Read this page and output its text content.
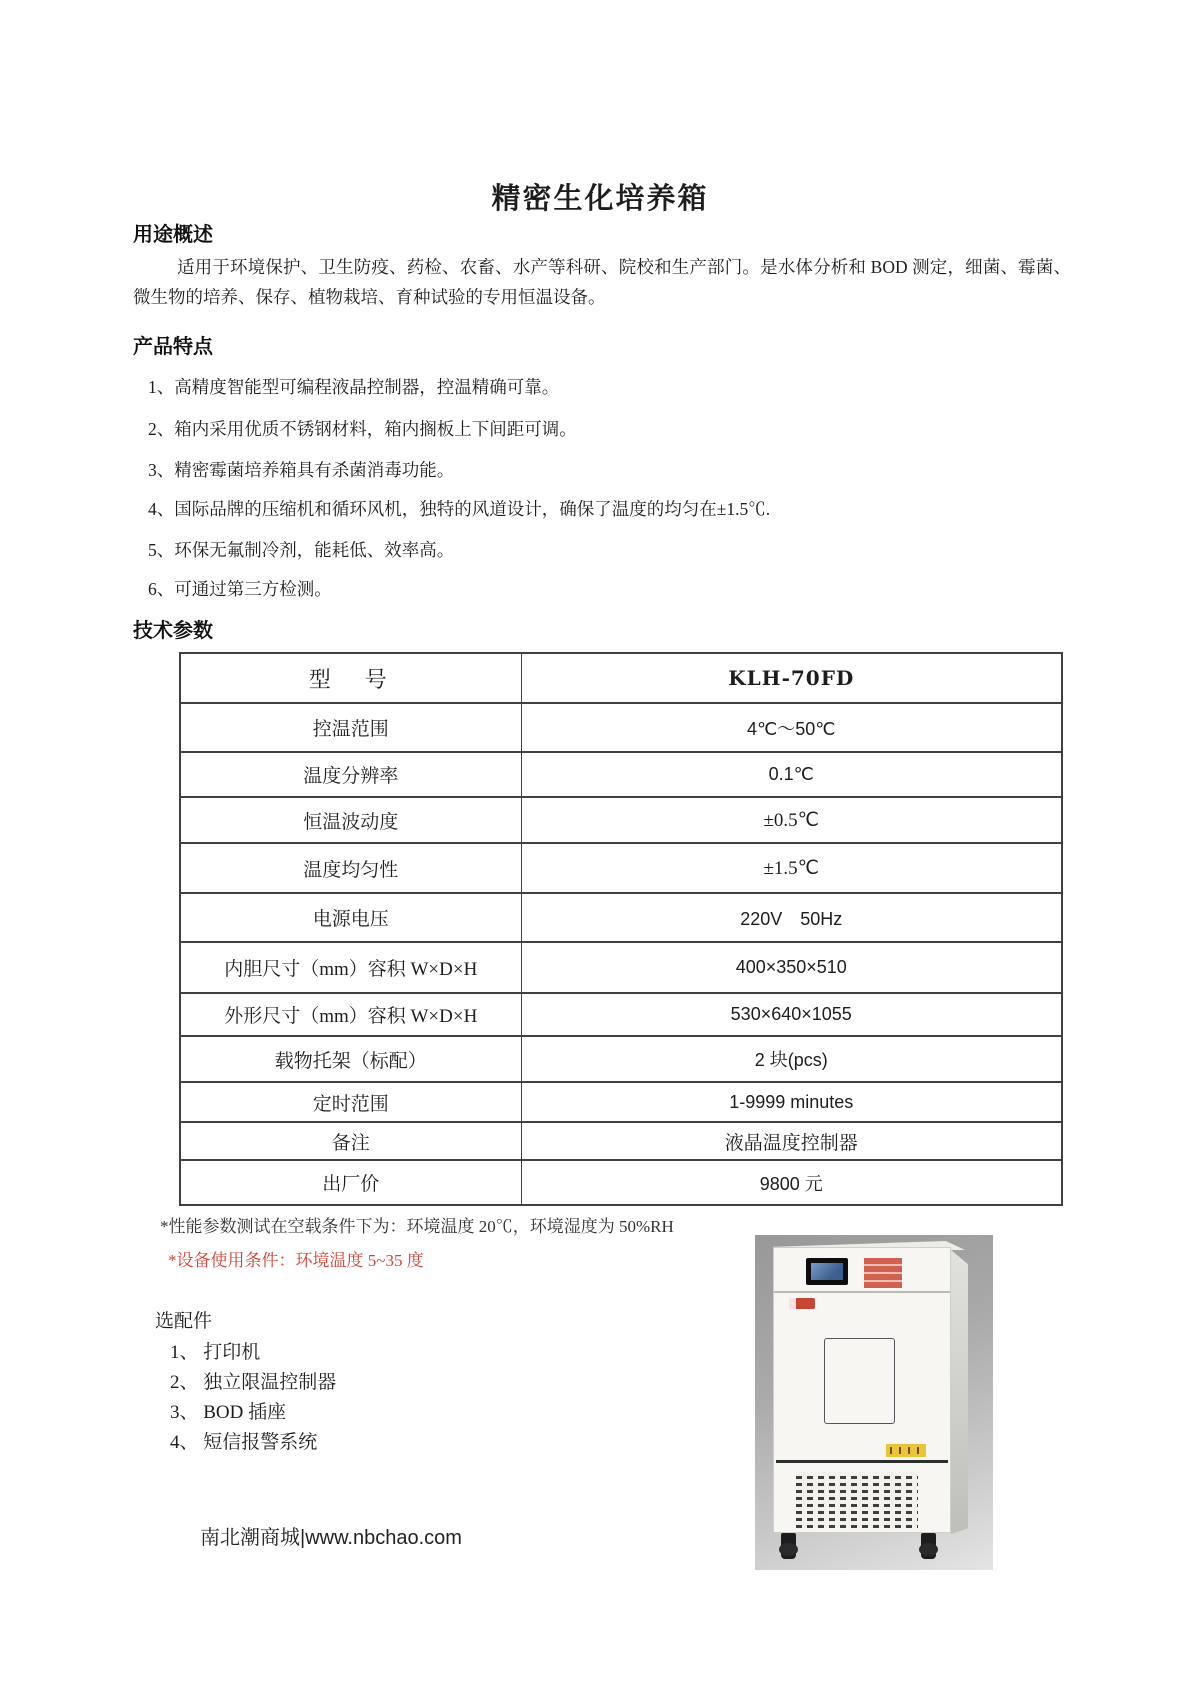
精密生化培养箱
用途概述

适用于环境保护、卫生防疫、药检、农畜、水产等科研、院校和生产部门。是水体分析和 BOD 测定，细菌、霉菌、微生物的培养、保存、植物栽培、育种试验的专用恒温设备。

产品特点
1、高精度智能型可编程液晶控制器，控温精确可靠。
2、箱内采用优质不锈钢材料，箱内搁板上下间距可调。
3、精密霉菌培养箱具有杀菌消毒功能。
4、国际品牌的压缩机和循环风机，独特的风道设计，确保了温度的均匀在±1.5℃.
5、环保无氟制冷剂，能耗低、效率高。
6、可通过第三方检测。
技术参数
型　号	KLH-70FD
控温范围	4℃～50℃
温度分辨率	0.1℃
恒温波动度	±0.5℃
温度均匀性	±1.5℃
电源电压	220V　50Hz
内胆尺寸（mm）容积 W×D×H	400×350×510
外形尺寸（mm）容积 W×D×H	530×640×1055
载物托架（标配）	2 块(pcs)
定时范围	1-9999 minutes
备注	液晶温度控制器
出厂价	9800 元
*性能参数测试在空载条件下为：环境温度 20℃，环境湿度为 50%RH
*设备使用条件：环境温度 5~35 度
选配件
1、 打印机
2、 独立限温控制器
3、 BOD 插座
4、 短信报警系统
南北潮商城|www.nbchao.com
